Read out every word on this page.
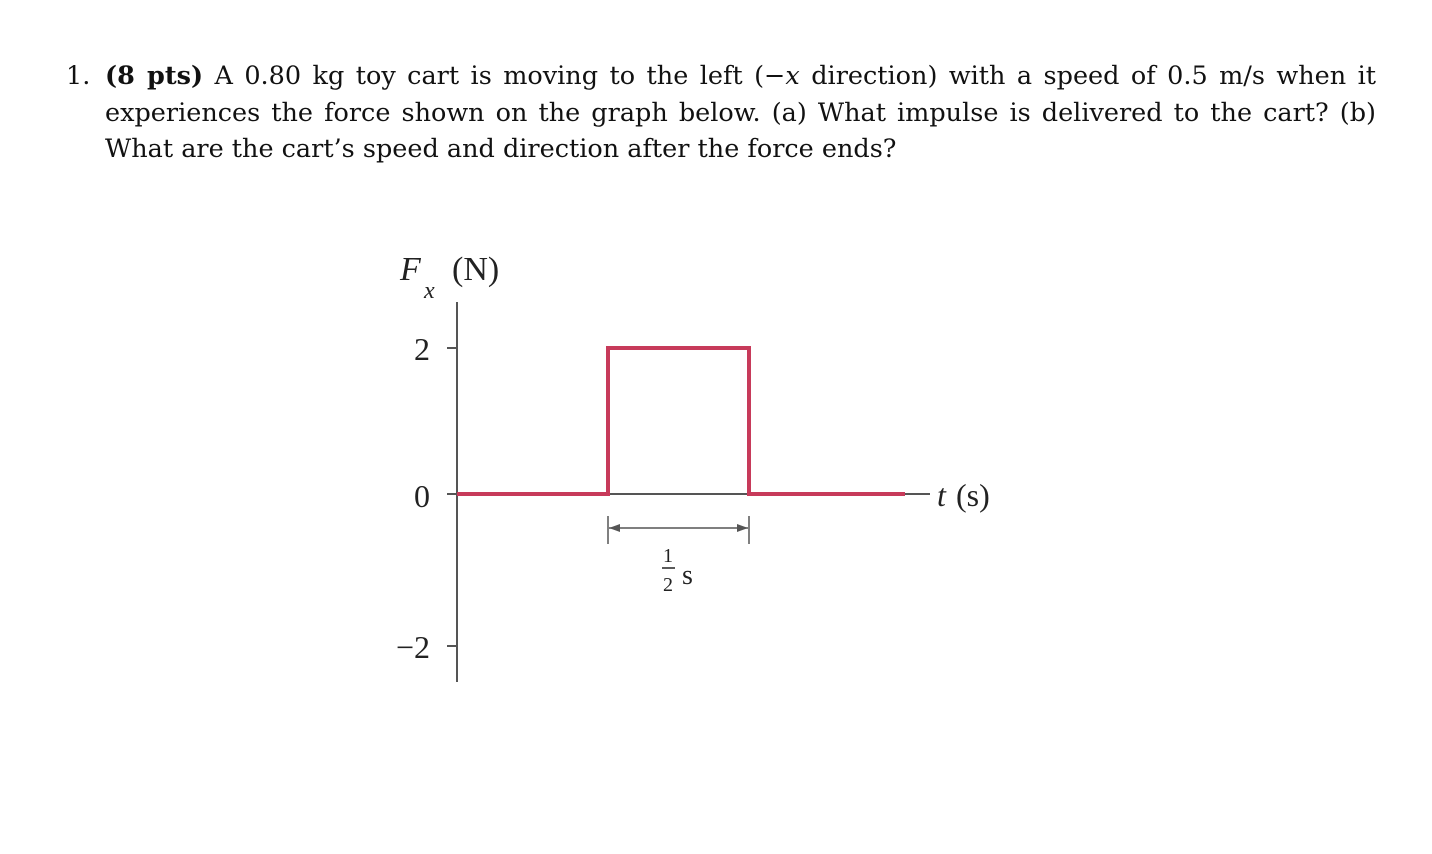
1. (8 pts) A 0.80 kg toy cart is moving to the left (−x direction) with a speed of 0.5 m/s when it experiences the force shown on the graph below. (a) What impulse is delivered to the cart? (b) What are the cart’s speed and direction after the force ends?
2
0
−2
F
x
(N)
t (s)
1
2 s
